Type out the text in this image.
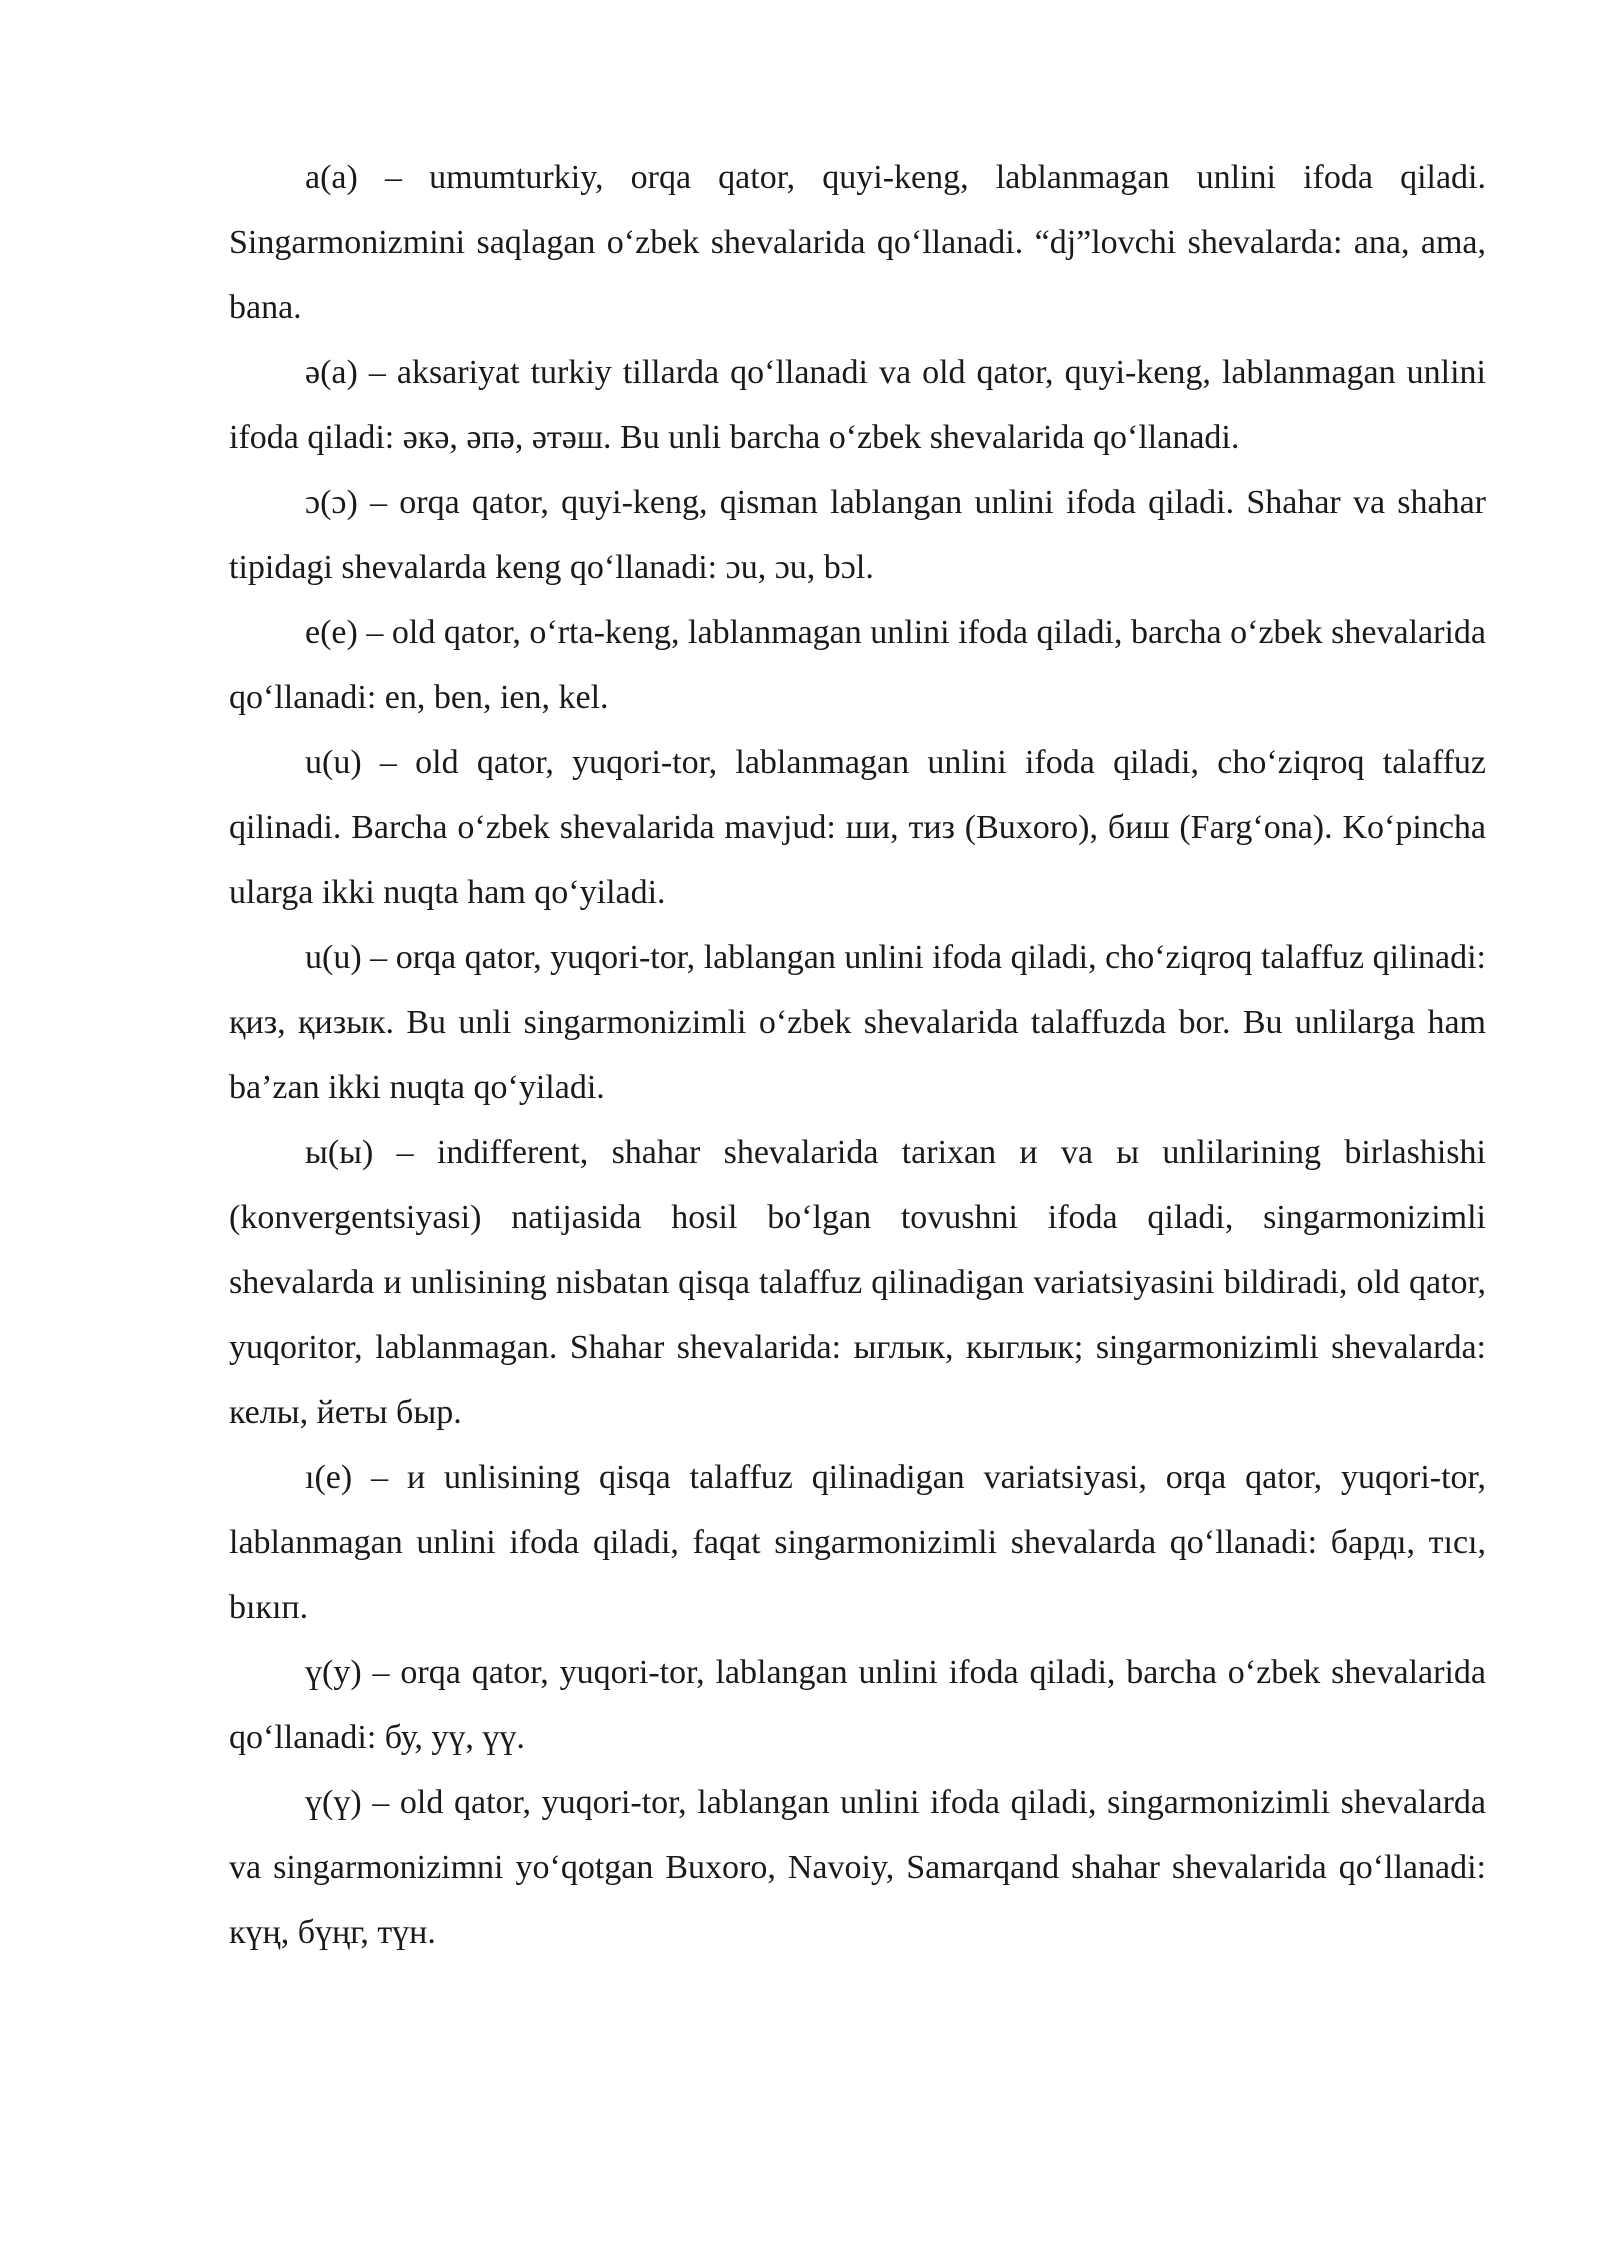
a(a) – umumturkiy, orqa qator, quyi-keng, lablanmagan unlini ifoda qiladi. Singarmonizmini saqlagan o‘zbek shevalarida qo‘llanadi. “dj”lovchi shevalarda: ana, ama, bana.

ә(a) – aksariyat turkiy tillarda qo‘llanadi va old qator, quyi-keng, lablanmagan unlini ifoda qiladi: әкә, әпә, әтәш. Bu unli barcha o‘zbek shevalarida qo‘llanadi.

ɔ(ɔ) – orqa qator, quyi-keng, qisman lablangan unlini ifoda qiladi. Shahar va shahar tipidagi shevalarda keng qo‘llanadi: ɔu, ɔu, bɔl.

e(e) – old qator, o‘rta-keng, lablanmagan unlini ifoda qiladi, barcha o‘zbek shevalarida qo‘llanadi: en, ben, ien, kel.

u(u) – old qator, yuqori-tor, lablanmagan unlini ifoda qiladi, cho‘ziqroq talaffuz qilinadi. Barcha o‘zbek shevalarida mavjud: ши, тиз (Buxoro), биш (Farg‘ona). Ko‘pincha ularga ikki nuqta ham qo‘yiladi.

u(u) – orqa qator, yuqori-tor, lablangan unlini ifoda qiladi, cho‘ziqroq talaffuz qilinadi: қиз, қизык. Bu unli singarmonizimli o‘zbek shevalarida talaffuzda bor. Bu unlilarga ham ba’zan ikki nuqta qo‘yiladi.

ы(ы) – indifferent, shahar shevalarida tarixan и va ы unlilarining birlashishi (konvergentsiyasi) natijasida hosil bo‘lgan tovushni ifoda qiladi, singarmonizimli shevalarda и unlisining nisbatan qisqa talaffuz qilinadigan variatsiyasini bildiradi, old qator, yuqoritor, lablanmagan. Shahar shevalarida: ыглык, кыглык; singarmonizimli shevalarda: келы, йеты быр.

ı(e) – и unlisining qisqa talaffuz qilinadigan variatsiyasi, orqa qator, yuqori-tor, lablanmagan unlini ifoda qiladi, faqat singarmonizimli shevalarda qo‘llanadi: бардı, тıсı, bıкıп.

ү(у) – orqa qator, yuqori-tor, lablangan unlini ifoda qiladi, barcha o‘zbek shevalarida qo‘llanadi: бу, уү, үү.

ү(ү) – old qator, yuqori-tor, lablangan unlini ifoda qiladi, singarmonizimli shevalarda va singarmonizimni yo‘qotgan Buxoro, Navoiy, Samarqand shahar shevalarida qo‘llanadi: күң, бүңг, түн.
